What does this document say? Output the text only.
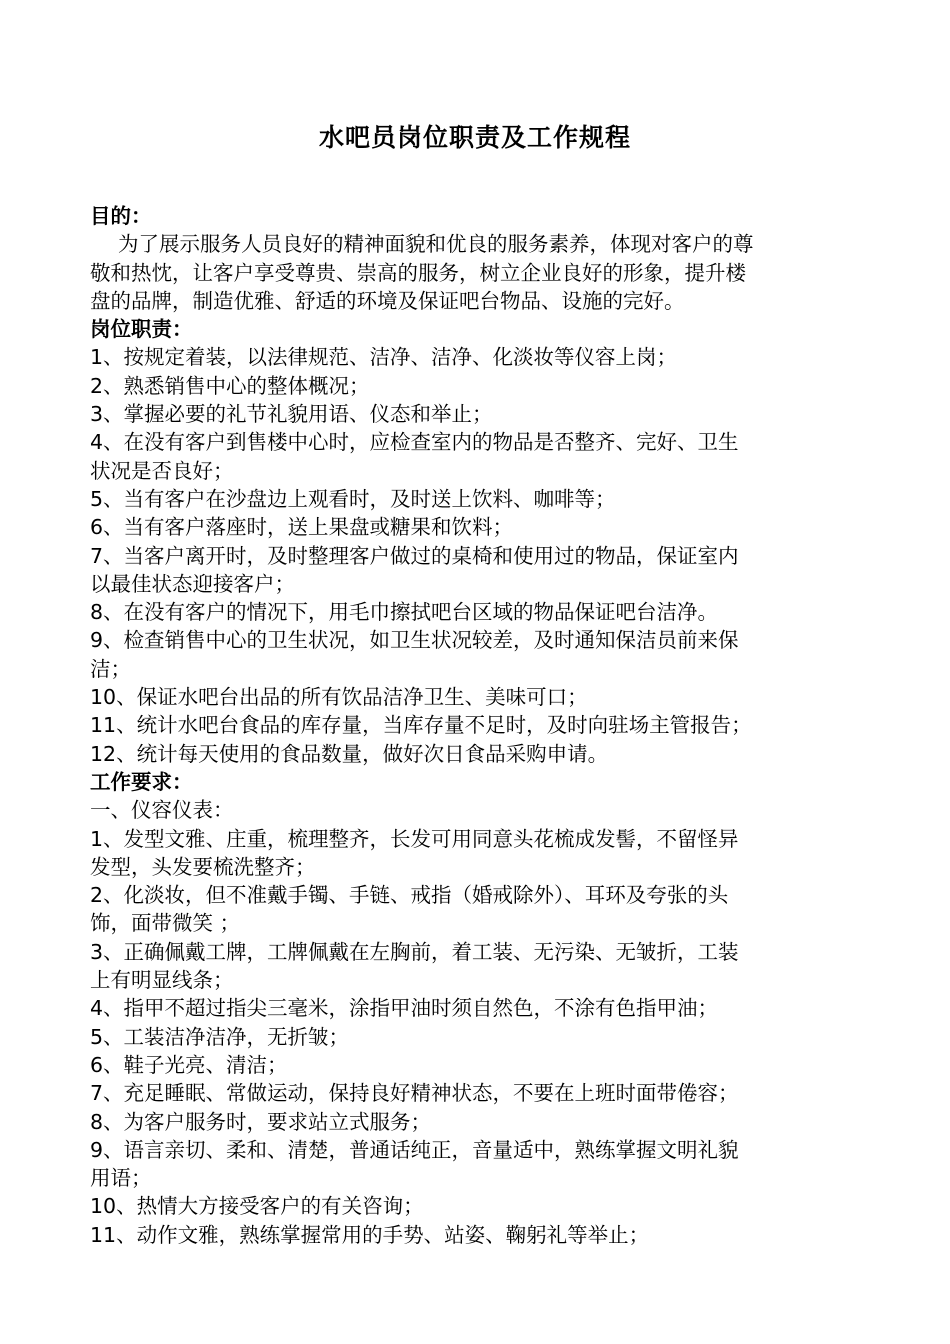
水吧员岗位职责及工作规程
目的：
为了展示服务人员良好的精神面貌和优良的服务素养，体现对客户的尊
敬和热忱，让客户享受尊贵、崇高的服务，树立企业良好的形象，提升楼
盘的品牌，制造优雅、舒适的环境及保证吧台物品、设施的完好。
岗位职责：
1、按规定着装，以法律规范、洁净、洁净、化淡妆等仪容上岗；
2、熟悉销售中心的整体概况；
3、掌握必要的礼节礼貌用语、仪态和举止；
4、在没有客户到售楼中心时，应检查室内的物品是否整齐、完好、卫生
状况是否良好；
5、当有客户在沙盘边上观看时，及时送上饮料、咖啡等；
6、当有客户落座时，送上果盘或糖果和饮料；
7、当客户离开时，及时整理客户做过的桌椅和使用过的物品，保证室内
以最佳状态迎接客户；
8、在没有客户的情况下，用毛巾擦拭吧台区域的物品保证吧台洁净。
9、检查销售中心的卫生状况，如卫生状况较差，及时通知保洁员前来保
洁；
10、保证水吧台出品的所有饮品洁净卫生、美味可口；
11、统计水吧台食品的库存量，当库存量不足时，及时向驻场主管报告；
12、统计每天使用的食品数量，做好次日食品采购申请。
工作要求：
一、仪容仪表：
1、发型文雅、庄重，梳理整齐，长发可用同意头花梳成发髻，不留怪异
发型，头发要梳洗整齐；
2、化淡妆，但不准戴手镯、手链、戒指（婚戒除外）、耳环及夸张的头
饰，面带微笑 ；
3、正确佩戴工牌，工牌佩戴在左胸前，着工装、无污染、无皱折，工装
上有明显线条；
4、指甲不超过指尖三毫米，涂指甲油时须自然色，不涂有色指甲油；
5、工装洁净洁净，无折皱；
6、鞋子光亮、清洁；
7、充足睡眠、常做运动，保持良好精神状态，不要在上班时面带倦容；
8、为客户服务时，要求站立式服务；
9、语言亲切、柔和、清楚，普通话纯正，音量适中，熟练掌握文明礼貌
用语；
10、热情大方接受客户的有关咨询；
11、动作文雅，熟练掌握常用的手势、站姿、鞠躬礼等举止；
